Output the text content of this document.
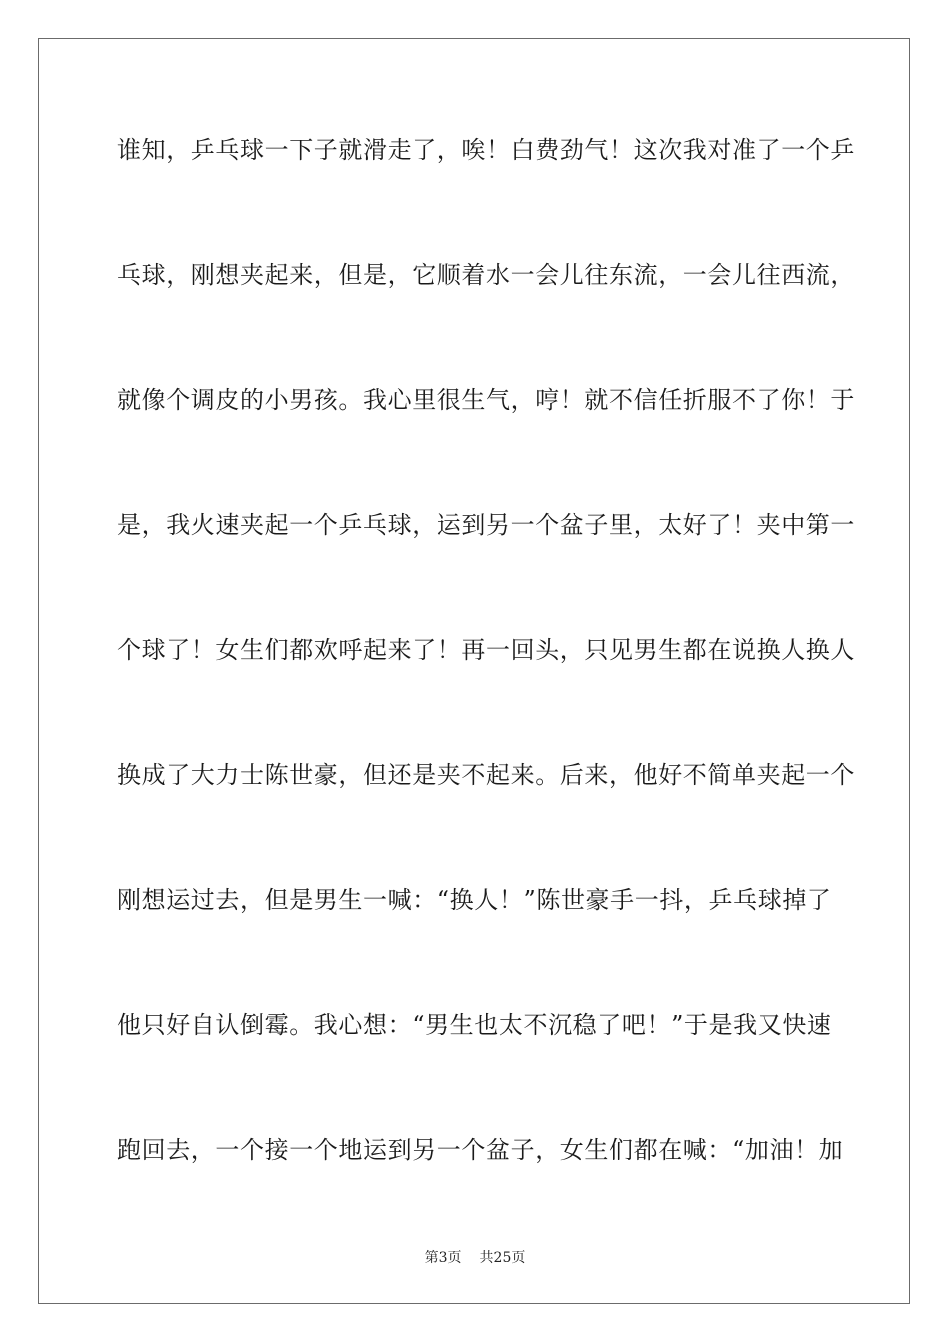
谁知，乒乓球一下子就滑走了，唉！白费劲气！这次我对准了一个乒
乓球，刚想夹起来，但是，它顺着水一会儿往东流，一会儿往西流，
就像个调皮的小男孩。我心里很生气，哼！就不信任折服不了你！于
是，我火速夹起一个乒乓球，运到另一个盆子里，太好了！夹中第一
个球了！女生们都欢呼起来了！再一回头，只见男生都在说换人换人
换成了大力士陈世豪，但还是夹不起来。后来，他好不简单夹起一个
刚想运过去，但是男生一喊：“换人！”陈世豪手一抖，乒乓球掉了
他只好自认倒霉。我心想：“男生也太不沉稳了吧！”于是我又快速
跑回去，一个接一个地运到另一个盆子，女生们都在喊：“加油！加
第3页 共25页
